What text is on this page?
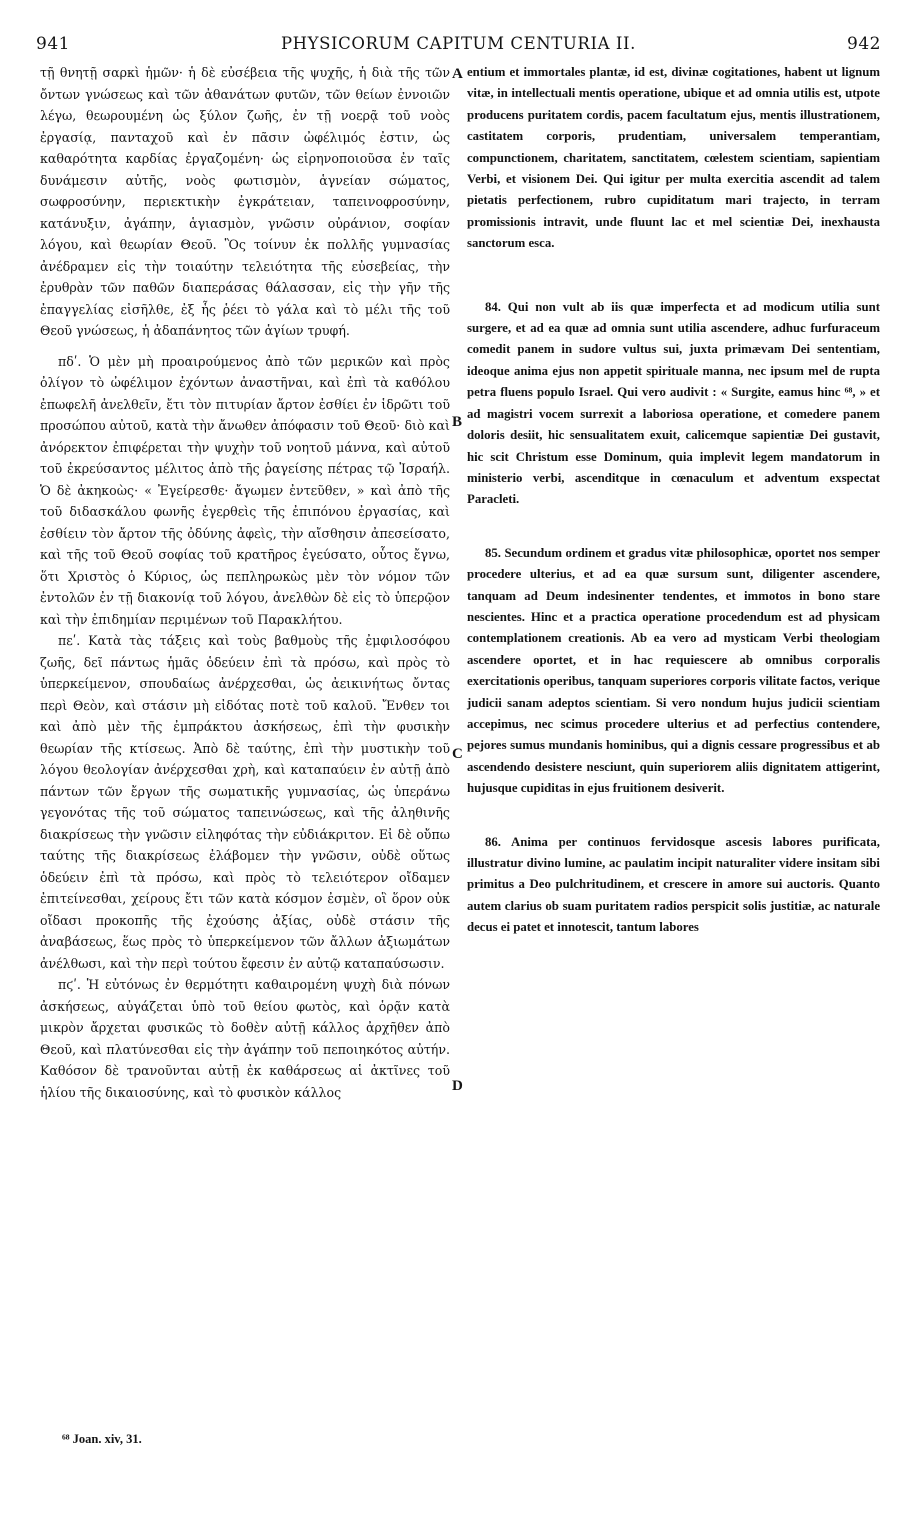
941	PHYSICORUM CAPITUM CENTURIA II.	942

τῇ θνητῇ σαρκὶ ἡμῶν· ἡ δὲ εὐσέβεια τῆς ψυχῆς, ἡ διὰ τῆς τῶν ὄντων γνώσεως καὶ τῶν ἀθανάτων φυτῶν, τῶν θείων ἐννοιῶν λέγω, θεωρουμένη ὡς ξύλον ζωῆς, ἐν τῇ νοερᾷ τοῦ νοὸς ἐργασίᾳ, πανταχοῦ καὶ ἐν πᾶσιν ὠφέλιμός ἐστιν, ὡς καθαρότητα καρδίας ἐργαζομένη· ὡς εἰρηνοποιοῦσα ἐν ταῖς δυνάμεσιν αὐτῆς, νοὸς φωτισμὸν, ἁγνείαν σώματος, σωφροσύνην, περιεκτικὴν ἐγκράτειαν, ταπεινοφροσύνην, κατάνυξιν, ἀγάπην, ἁγιασμὸν, γνῶσιν οὐράνιον, σοφίαν λόγου, καὶ θεωρίαν Θεοῦ. Ὃς τοίνυν ἐκ πολλῆς γυμνασίας ἀνέδραμεν εἰς τὴν τοιαύτην τελειότητα τῆς εὐσεβείας, τὴν ἐρυθρὰν τῶν παθῶν διαπεράσας θάλασσαν, εἰς τὴν γῆν τῆς ἐπαγγελίας εἰσῆλθε, ἐξ ἧς ῥέει τὸ γάλα καὶ τὸ μέλι τῆς τοῦ Θεοῦ γνώσεως, ἡ ἀδαπάνητος τῶν ἁγίων τρυφή.

πδʹ. Ὁ μὲν μὴ προαιρούμενος ἀπὸ τῶν μερικῶν καὶ πρὸς ὀλίγον τὸ ὠφέλιμον ἐχόντων ἀναστῆναι, καὶ ἐπὶ τὰ καθόλου ἐπωφελῆ ἀνελθεῖν, ἔτι τὸν πιτυρίαν ἄρτον ἐσθίει ἐν ἱδρῶτι τοῦ προσώπου αὐτοῦ, κατὰ τὴν ἄνωθεν ἀπόφασιν τοῦ Θεοῦ· διὸ καὶ ἀνόρεκτον ἐπιφέρεται τὴν ψυχὴν τοῦ νοητοῦ μάννα, καὶ αὐτοῦ τοῦ ἐκρεύσαντος μέλιτος ἀπὸ τῆς ῥαγείσης πέτρας τῷ Ἰσραήλ. Ὁ δὲ ἀκηκοὼς· « Ἐγείρεσθε· ἄγωμεν ἐντεῦθεν, » καὶ ἀπὸ τῆς τοῦ διδασκάλου φωνῆς ἐγερθεὶς τῆς ἐπιπόνου ἐργασίας, καὶ ἐσθίειν τὸν ἄρτον τῆς ὀδύνης ἀφεὶς, τὴν αἴσθησιν ἀπεσείσατο, καὶ τῆς τοῦ Θεοῦ σοφίας τοῦ κρατῆρος ἐγεύσατο, οὗτος ἔγνω, ὅτι Χριστὸς ὁ Κύριος, ὡς πεπληρωκὼς μὲν τὸν νόμον τῶν ἐντολῶν ἐν τῇ διακονίᾳ τοῦ λόγου, ἀνελθὼν δὲ εἰς τὸ ὑπερῷον καὶ τὴν ἐπιδημίαν περιμένων τοῦ Παρακλήτου.

πεʹ. Κατὰ τὰς τάξεις καὶ τοὺς βαθμοὺς τῆς ἐμφιλοσόφου ζωῆς, δεῖ πάντως ἡμᾶς ὁδεύειν ἐπὶ τὰ πρόσω, καὶ πρὸς τὸ ὑπερκείμενον, σπουδαίως ἀνέρχεσθαι, ὡς ἀεικινήτως ὄντας περὶ Θεὸν, καὶ στάσιν μὴ εἰδότας ποτὲ τοῦ καλοῦ. Ἔνθεν τοι καὶ ἀπὸ μὲν τῆς ἐμπράκτου ἀσκήσεως, ἐπὶ τὴν φυσικὴν θεωρίαν τῆς κτίσεως. Ἀπὸ δὲ ταύτης, ἐπὶ τὴν μυστικὴν τοῦ λόγου θεολογίαν ἀνέρχεσθαι χρὴ, καὶ καταπαύειν ἐν αὐτῇ ἀπὸ πάντων τῶν ἔργων τῆς σωματικῆς γυμνασίας, ὡς ὑπεράνω γεγονότας τῆς τοῦ σώματος ταπεινώσεως, καὶ τῆς ἀληθινῆς διακρίσεως τὴν γνῶσιν εἰληφότας τὴν εὐδιάκριτον. Εἰ δὲ οὔπω ταύτης τῆς διακρίσεως ἐλάβομεν τὴν γνῶσιν, οὐδὲ οὕτως ὁδεύειν ἐπὶ τὰ πρόσω, καὶ πρὸς τὸ τελειότερον οἴδαμεν ἐπιτείνεσθαι, χείρους ἔτι τῶν κατὰ κόσμον ἐσμὲν, οἳ ὅρον οὐκ οἴδασι προκοπῆς τῆς ἐχούσης ἀξίας, οὐδὲ στάσιν τῆς ἀναβάσεως, ἕως πρὸς τὸ ὑπερκείμενον τῶν ἄλλων ἀξιωμάτων ἀνέλθωσι, καὶ τὴν περὶ τούτου ἔφεσιν ἐν αὐτῷ καταπαύσωσιν.

πϛʹ. Ἡ εὐτόνως ἐν θερμότητι καθαιρομένη ψυχὴ διὰ πόνων ἀσκήσεως, αὐγάζεται ὑπὸ τοῦ θείου φωτὸς, καὶ ὁρᾷν κατὰ μικρὸν ἄρχεται φυσικῶς τὸ δοθὲν αὐτῇ κάλλος ἀρχῆθεν ἀπὸ Θεοῦ, καὶ πλατύνεσθαι εἰς τὴν ἀγάπην τοῦ πεποιηκότος αὐτήν. Καθόσον δὲ τρανοῦνται αὐτῇ ἐκ καθάρσεως αἱ ἀκτῖνες τοῦ ἡλίου τῆς δικαιοσύνης, καὶ τὸ φυσικὸν κάλλος

A
B
C
D

entium et immortales plantæ, id est, divinæ cogitationes, habent ut lignum vitæ, in intellectuali mentis operatione, ubique et ad omnia utilis est, utpote producens puritatem cordis, pacem facultatum ejus, mentis illustrationem, castitatem corporis, prudentiam, universalem temperantiam, compunctionem, charitatem, sanctitatem, cœlestem scientiam, sapientiam Verbi, et visionem Dei. Qui igitur per multa exercitia ascendit ad talem pietatis perfectionem, rubro cupiditatum mari trajecto, in terram promissionis intravit, unde fluunt lac et mel scientiæ Dei, inexhausta sanctorum esca.

84. Qui non vult ab iis quæ imperfecta et ad modicum utilia sunt surgere, et ad ea quæ ad omnia sunt utilia ascendere, adhuc furfuraceum comedit panem in sudore vultus sui, juxta primævam Dei sententiam, ideoque anima ejus non appetit spirituale manna, nec ipsum mel de rupta petra fluens populo Israel. Qui vero audivit : « Surgite, eamus hinc ⁶⁸, » et ad magistri vocem surrexit a laboriosa operatione, et comedere panem doloris desiit, hic sensualitatem exuit, calicemque sapientiæ Dei gustavit, hic scit Christum esse Dominum, quia implevit legem mandatorum in ministerio verbi, ascenditque in cœnaculum et adventum exspectat Paracleti.

85. Secundum ordinem et gradus vitæ philosophicæ, oportet nos semper procedere ulterius, et ad ea quæ sursum sunt, diligenter ascendere, tanquam ad Deum indesinenter tendentes, et immotos in bono stare nescientes. Hinc et a practica operatione procedendum est ad physicam contemplationem creationis. Ab ea vero ad mysticam Verbi theologiam ascendere oportet, et in hac requiescere ab omnibus corporalis exercitationis operibus, tanquam superiores corporis vilitate factos, verique judicii sanam adeptos scientiam. Si vero nondum hujus judicii scientiam accepimus, nec scimus procedere ulterius et ad perfectius contendere, pejores sumus mundanis hominibus, qui a dignis cessare progressibus et ab ascendendo desistere nesciunt, quin superiorem aliis dignitatem attigerint, hujusque cupiditas in ejus fruitionem desiverit.

86. Anima per continuos fervidosque ascesis labores purificata, illustratur divino lumine, ac paulatim incipit naturaliter videre insitam sibi primitus a Deo pulchritudinem, et crescere in amore sui auctoris. Quanto autem clarius ob suam puritatem radios perspicit solis justitiæ, ac naturale decus ei patet et innotescit, tantum labores

⁶⁸ Joan. xiv, 31.
